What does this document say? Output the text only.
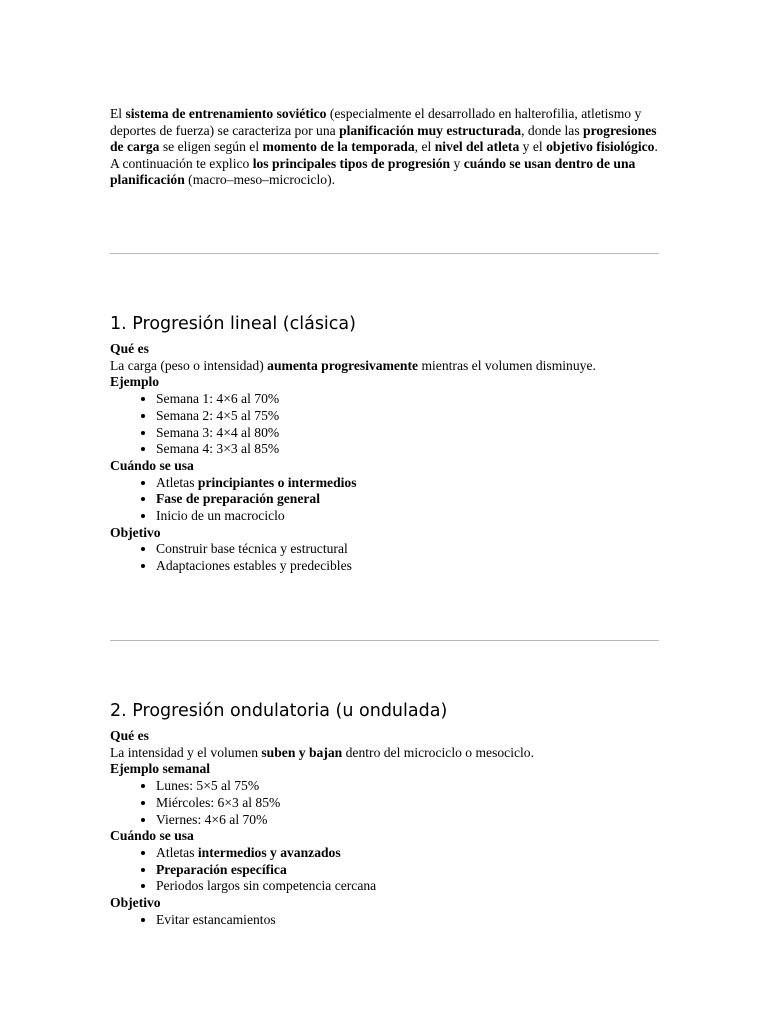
El sistema de entrenamiento soviético (especialmente el desarrollado en halterofilia, atletismo y deportes de fuerza) se caracteriza por una planificación muy estructurada, donde las progresiones de carga se eligen según el momento de la temporada, el nivel del atleta y el objetivo fisiológico.

A continuación te explico los principales tipos de progresión y cuándo se usan dentro de una planificación (macro–meso–microciclo).

1. Progresión lineal (clásica)

Qué es

La carga (peso o intensidad) aumenta progresivamente mientras el volumen disminuye.

Ejemplo

• Semana 1: 4×6 al 70%
• Semana 2: 4×5 al 75%
• Semana 3: 4×4 al 80%
• Semana 4: 3×3 al 85%

Cuándo se usa

• Atletas principiantes o intermedios
• Fase de preparación general
• Inicio de un macrociclo

Objetivo

• Construir base técnica y estructural
• Adaptaciones estables y predecibles
2. Progresión ondulatoria (u ondulada)

Qué es

La intensidad y el volumen suben y bajan dentro del microciclo o mesociclo.

Ejemplo semanal

• Lunes: 5×5 al 75%
• Miércoles: 6×3 al 85%
• Viernes: 4×6 al 70%

Cuándo se usa

• Atletas intermedios y avanzados
• Preparación específica
• Periodos largos sin competencia cercana

Objetivo

• Evitar estancamientos
